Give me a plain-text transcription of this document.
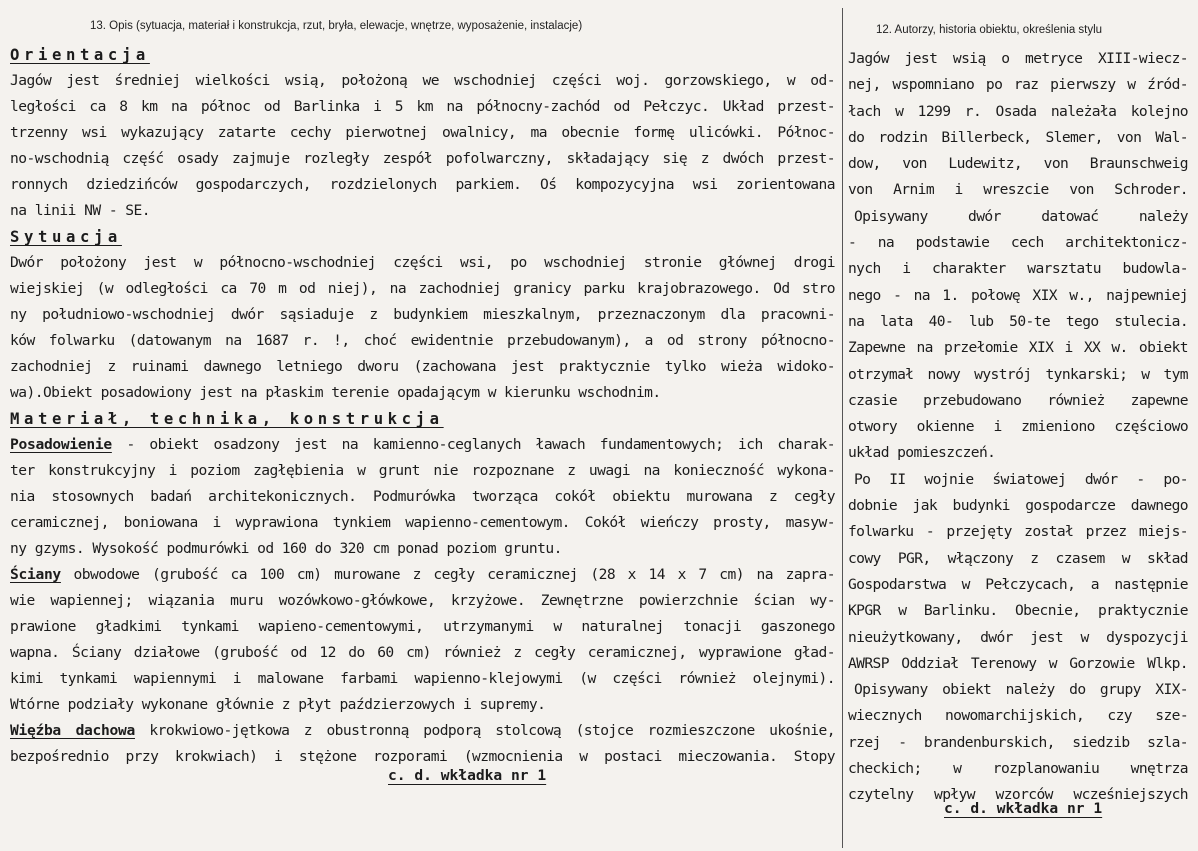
13. Opis (sytuacja, materiał i konstrukcja, rzut, bryła, elewacje, wnętrze, wyposażenie, instalacje)
Orientacja
Jagów jest średniej wielkości wsią, położoną we wschodniej części woj. gorzowskiego, w od-
ległości ca 8 km na północ od Barlinka i 5 km na północny-zachód od Pełczyc. Układ przest-
trzenny wsi wykazujący zatarte cechy pierwotnej owalnicy, ma obecnie formę ulicówki. Północ-
no-wschodnią część osady zajmuje rozległy zespół pofolwarczny, składający się z dwóch przest-
ronnych dziedzińców gospodarczych, rozdzielonych parkiem. Oś kompozycyjna wsi zorientowana
na linii NW - SE.
Sytuacja
Dwór położony jest w północno-wschodniej części wsi, po wschodniej stronie głównej drogi
wiejskiej (w odległości ca 70 m od niej), na zachodniej granicy parku krajobrazowego. Od stro
ny południowo-wschodniej dwór sąsiaduje z budynkiem mieszkalnym, przeznaczonym dla pracowni-
ków folwarku (datowanym na 1687 r. !, choć ewidentnie przebudowanym), a od strony północno-
zachodniej z ruinami dawnego letniego dworu (zachowana jest praktycznie tylko wieża widoko-
wa).Obiekt posadowiony jest na płaskim terenie opadającym w kierunku wschodnim.
Materiał, technika, konstrukcja
Posadowienie - obiekt osadzony jest na kamienno-ceglanych ławach fundamentowych; ich charak-
ter konstrukcyjny i poziom zagłębienia w grunt nie rozpoznane z uwagi na konieczność wykona-
nia stosownych badań architekonicznych. Podmurówka tworząca cokół obiektu murowana z cegły
ceramicznej, boniowana i wyprawiona tynkiem wapienno-cementowym. Cokół wieńczy prosty, masyw-
ny gzyms. Wysokość podmurówki od 160 do 320 cm ponad poziom gruntu.
Ściany obwodowe (grubość ca 100 cm) murowane z cegły ceramicznej (28 x 14 x 7 cm) na zapra-
wie wapiennej; wiązania muru wozówkowo-główkowe, krzyżowe. Zewnętrzne powierzchnie ścian wy-
prawione gładkimi tynkami wapieno-cementowymi, utrzymanymi w naturalnej tonacji gaszonego
wapna. Ściany działowe (grubość od 12 do 60 cm) również z cegły ceramicznej, wyprawione gład-
kimi tynkami wapiennymi i malowane farbami wapienno-klejowymi (w części również olejnymi).
Wtórne podziały wykonane głównie z płyt paździerzowych i supremy.
Więźba dachowa krokwiowo-jętkowa z obustronną podporą stolcową (stojce rozmieszczone ukośnie,
bezpośrednio przy krokwiach) i stężone rozporami (wzmocnienia w postaci mieczowania. Stopy
c. d. wkładka nr 1
12. Autorzy, historia obiektu, określenia stylu
Jagów jest wsią o metryce XIII-wiecz-
nej, wspomniano po raz pierwszy w źród-
łach w 1299 r. Osada należała kolejno
do rodzin Billerbeck, Slemer, von Wal-
dow, von Ludewitz, von Braunschweig
von Arnim i wreszcie von Schroder.
Opisywany dwór datować należy
- na podstawie cech architektonicz-
nych i charakter warsztatu budowla-
nego - na 1. połowę XIX w., najpewniej
na lata 40- lub 50-te tego stulecia.
Zapewne na przełomie XIX i XX w. obiekt
otrzymał nowy wystrój tynkarski; w tym
czasie przebudowano również zapewne
otwory okienne i zmieniono częściowo
układ pomieszczeń.
Po II wojnie światowej dwór - po-
dobnie jak budynki gospodarcze dawnego
folwarku - przejęty został przez miejs-
cowy PGR, włączony z czasem w skład
Gospodarstwa w Pełczycach, a następnie
KPGR w Barlinku. Obecnie, praktycznie
nieużytkowany, dwór jest w dyspozycji
AWRSP Oddział Terenowy w Gorzowie Wlkp.
Opisywany obiekt należy do grupy XIX-
wiecznych nowomarchijskich, czy sze-
rzej - brandenburskich, siedzib szla-
checkich; w rozplanowaniu wnętrza
czytelny wpływ wzorców wcześniejszych
c. d. wkładka nr 1
